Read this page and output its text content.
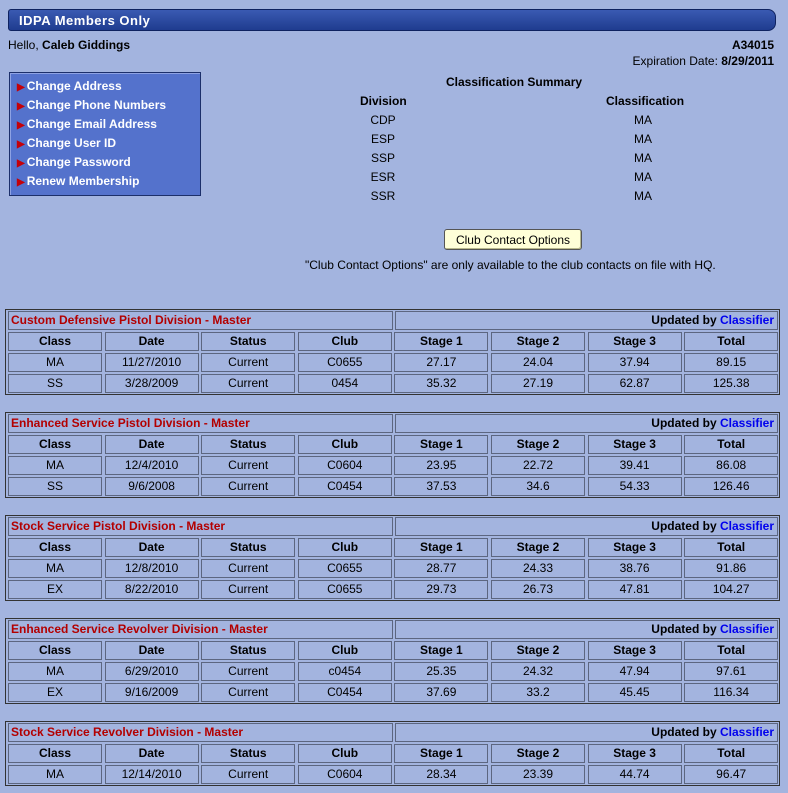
IDPA Members Only
Hello, Caleb Giddings	A34015
Expiration Date: 8/29/2011
▶ Change Address
▶ Change Phone Numbers
▶ Change Email Address
▶ Change User ID
▶ Change Password
▶ Renew Membership
Classification Summary
Division	Classification
CDP	MA
ESP	MA
SSP	MA
ESR	MA
SSR	MA
Club Contact Options
"Club Contact Options" are only available to the club contacts on file with HQ.
Custom Defensive Pistol Division - Master	Updated by Classifier
Class	Date	Status	Club	Stage 1	Stage 2	Stage 3	Total
MA	11/27/2010	Current	C0655	27.17	24.04	37.94	89.15
SS	3/28/2009	Current	0454	35.32	27.19	62.87	125.38
Enhanced Service Pistol Division - Master	Updated by Classifier
Class	Date	Status	Club	Stage 1	Stage 2	Stage 3	Total
MA	12/4/2010	Current	C0604	23.95	22.72	39.41	86.08
SS	9/6/2008	Current	C0454	37.53	34.6	54.33	126.46
Stock Service Pistol Division - Master	Updated by Classifier
Class	Date	Status	Club	Stage 1	Stage 2	Stage 3	Total
MA	12/8/2010	Current	C0655	28.77	24.33	38.76	91.86
EX	8/22/2010	Current	C0655	29.73	26.73	47.81	104.27
Enhanced Service Revolver Division - Master	Updated by Classifier
Class	Date	Status	Club	Stage 1	Stage 2	Stage 3	Total
MA	6/29/2010	Current	c0454	25.35	24.32	47.94	97.61
EX	9/16/2009	Current	C0454	37.69	33.2	45.45	116.34
Stock Service Revolver Division - Master	Updated by Classifier
Class	Date	Status	Club	Stage 1	Stage 2	Stage 3	Total
MA	12/14/2010	Current	C0604	28.34	23.39	44.74	96.47
